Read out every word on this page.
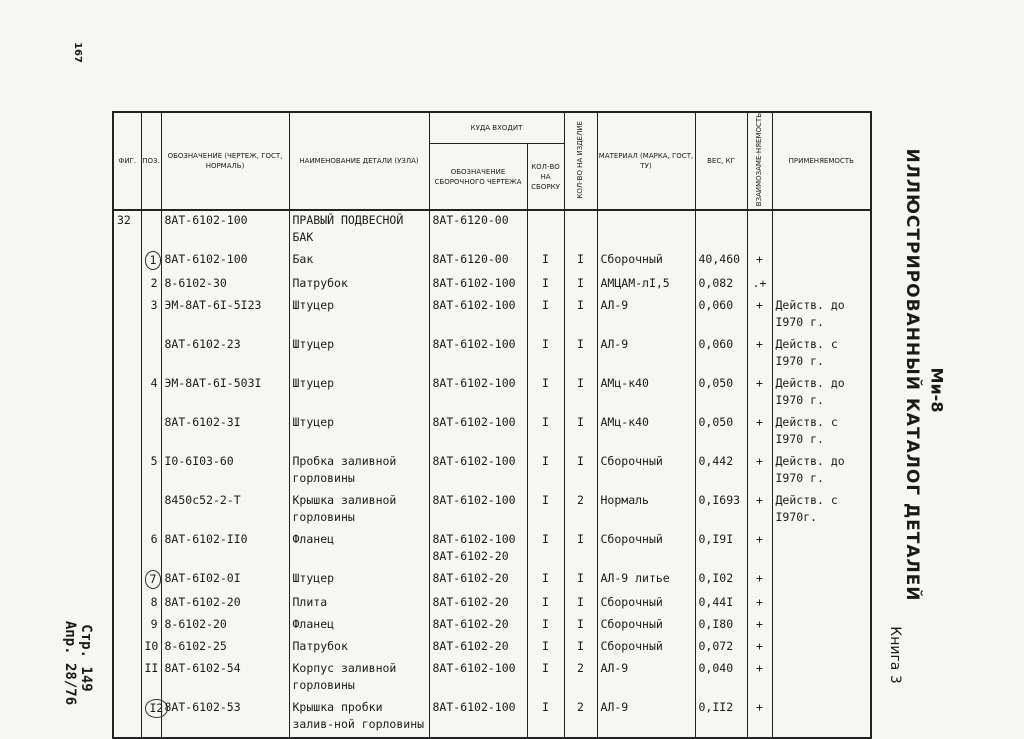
167
ИЛЛЮСТРИРОВАННЫЙ КАТАЛОГ ДЕТАЛЕЙ Ми-8
Книга 3
Стр. 149
Апр. 28/76
ФИГ.	ПОЗ.	ОБОЗНАЧЕНИЕ (ЧЕРТЕЖ, ГОСТ, НОРМАЛЬ)	НАИМЕНОВАНИЕ ДЕТАЛИ (УЗЛА)	КУДА ВХОДИТ		КОЛ-ВО НА ИЗДЕЛИЕ	МАТЕРИАЛ (МАРКА, ГОСТ, ТУ)	ВЕС, КГ	ВЗАИМОЗАМЕ-НЯЕМОСТЬ	ПРИМЕНЯЕМОСТЬ
				ОБОЗНАЧЕНИЕ СБОРОЧНОГО ЧЕРТЕЖА	КОЛ-ВО НА СБОРКУ					
32		8АТ-6102-100	ПРАВЫЙ ПОДВЕСНОЙ БАК	8АТ-6120-00						
	1	8АТ-6102-100	Бак	8АТ-6120-00	I	I	Сборочный	40,460	+	
	2	8-6102-30	Патрубок	8АТ-6102-100	I	I	АМЦАМ-лI,5	0,082	.+	
	3	ЭМ-8АТ-6I-5I23	Штуцер	8АТ-6102-100	I	I	АЛ-9	0,060	+	Действ. до I970 г.
		8АТ-6102-23	Штуцер	8АТ-6102-100	I	I	АЛ-9	0,060	+	Действ. с I970 г.
	4	ЭМ-8АТ-6I-503I	Штуцер	8АТ-6102-100	I	I	АМц-к40	0,050	+	Действ. до I970 г.
		8АТ-6102-3I	Штуцер	8АТ-6102-100	I	I	АМц-к40	0,050	+	Действ. с I970 г.
	5	I0-6I03-60	Пробка заливной горловины	8АТ-6102-100	I	I	Сборочный	0,442	+	Действ. до I970 г.
		8450с52-2-Т	Крышка заливной горловины	8АТ-6102-100	I	2	Нормаль	0,I693	+	Действ. с I970г.
	6	8АТ-6102-II0	Фланец	8АТ-6102-100 8АТ-6102-20	I	I	Сборочный	0,I9I	+	
	7	8АТ-6I02-0I	Штуцер	8АТ-6102-20	I	I	АЛ-9 литье	0,I02	+	
	8	8АТ-6102-20	Плита	8АТ-6102-20	I	I	Сборочный	0,44I	+	
	9	8-6102-20	Фланец	8АТ-6102-20	I	I	Сборочный	0,I80	+	
	I0	8-6102-25	Патрубок	8АТ-6102-20	I	I	Сборочный	0,072	+	
	II	8АТ-6102-54	Корпус заливной горловины	8АТ-6102-100	I	2	АЛ-9	0,040	+	
	I2	8АТ-6102-53	Крышка пробки залив-ной горловины	8АТ-6102-100	I	2	АЛ-9	0,II2	+	
